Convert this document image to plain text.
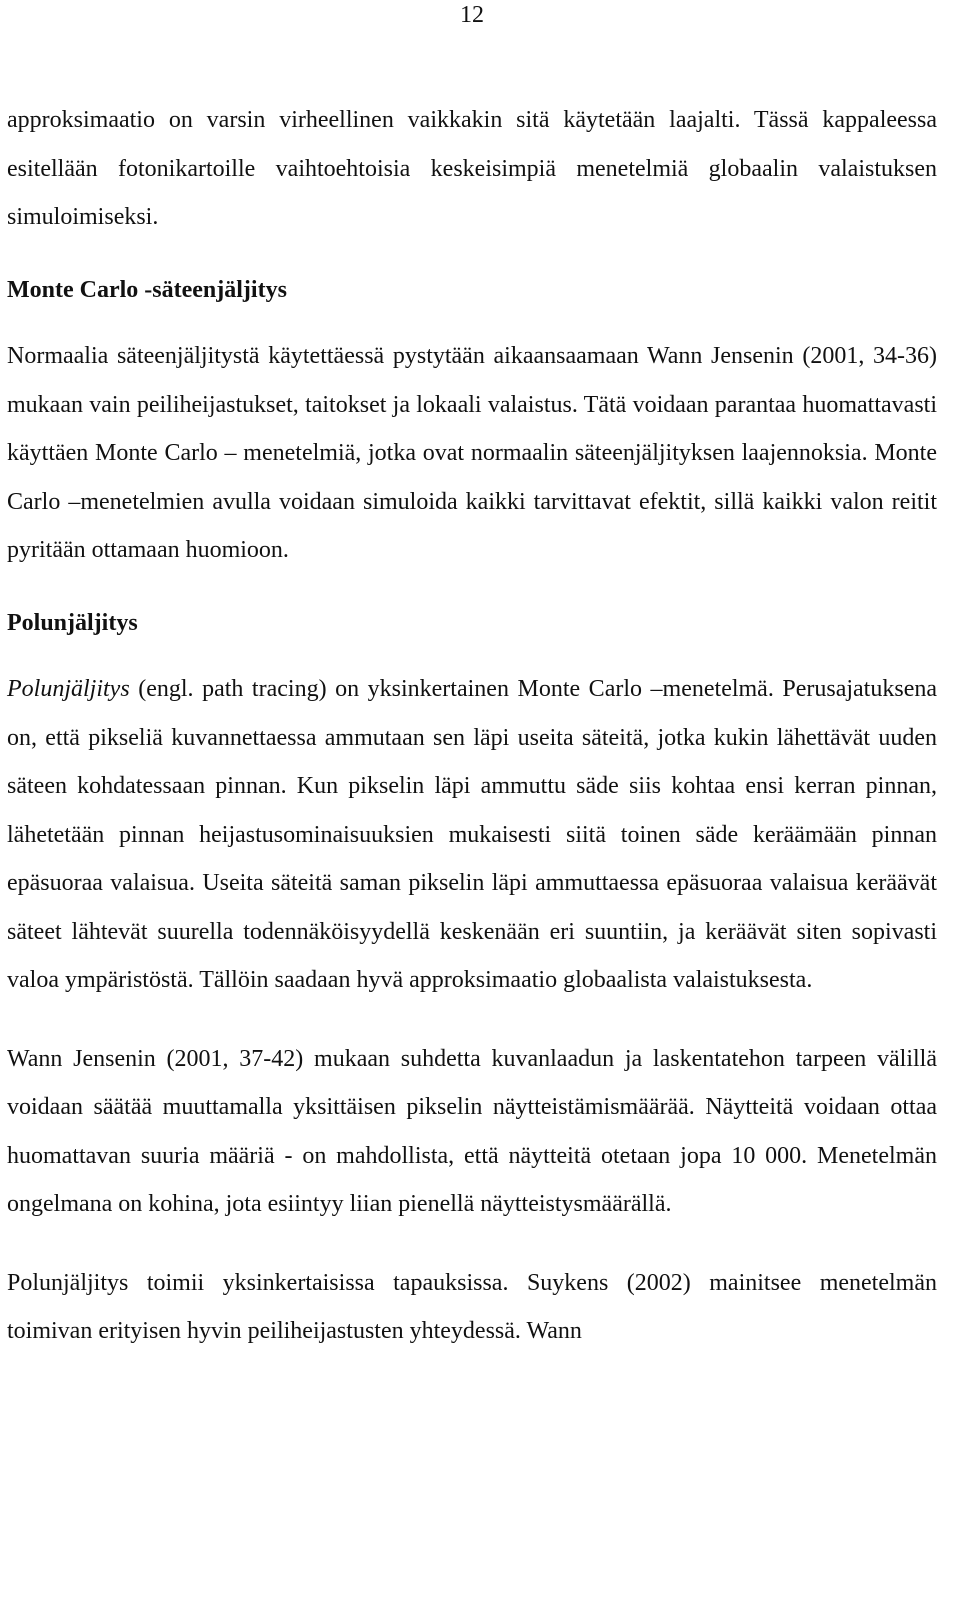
12

approksimaatio on varsin virheellinen vaikkakin sitä käytetään laajalti. Tässä kappaleessa esitellään fotonikartoille vaihtoehtoisia keskeisimpiä menetelmiä globaalin valaistuksen simuloimiseksi.

Monte Carlo -säteenjäljitys

Normaalia säteenjäljitystä käytettäessä pystytään aikaansaamaan Wann Jensenin (2001, 34-36) mukaan vain peiliheijastukset, taitokset ja lokaali valaistus. Tätä voidaan parantaa huomattavasti käyttäen Monte Carlo – menetelmiä, jotka ovat normaalin säteenjäljityksen laajennoksia. Monte Carlo –menetelmien avulla voidaan simuloida kaikki tarvittavat efektit, sillä kaikki valon reitit pyritään ottamaan huomioon.

Polunjäljitys

Polunjäljitys (engl. path tracing) on yksinkertainen Monte Carlo –menetelmä. Perusajatuksena on, että pikseliä kuvannettaessa ammutaan sen läpi useita säteitä, jotka kukin lähettävät uuden säteen kohdatessaan pinnan. Kun pikselin läpi ammuttu säde siis kohtaa ensi kerran pinnan, lähetetään pinnan heijastusominaisuuksien mukaisesti siitä toinen säde keräämään pinnan epäsuoraa valaisua. Useita säteitä saman pikselin läpi ammuttaessa epäsuoraa valaisua keräävät säteet lähtevät suurella todennäköisyydellä keskenään eri suuntiin, ja keräävät siten sopivasti valoa ympäristöstä. Tällöin saadaan hyvä approksimaatio globaalista valaistuksesta.

Wann Jensenin (2001, 37-42) mukaan suhdetta kuvanlaadun ja laskentatehon tarpeen välillä voidaan säätää muuttamalla yksittäisen pikselin näytteistämismäärää. Näytteitä voidaan ottaa huomattavan suuria määriä - on mahdollista, että näytteitä otetaan jopa 10 000. Menetelmän ongelmana on kohina, jota esiintyy liian pienellä näytteistysmäärällä.

Polunjäljitys toimii yksinkertaisissa tapauksissa. Suykens (2002) mainitsee menetelmän toimivan erityisen hyvin peiliheijastusten yhteydessä. Wann
